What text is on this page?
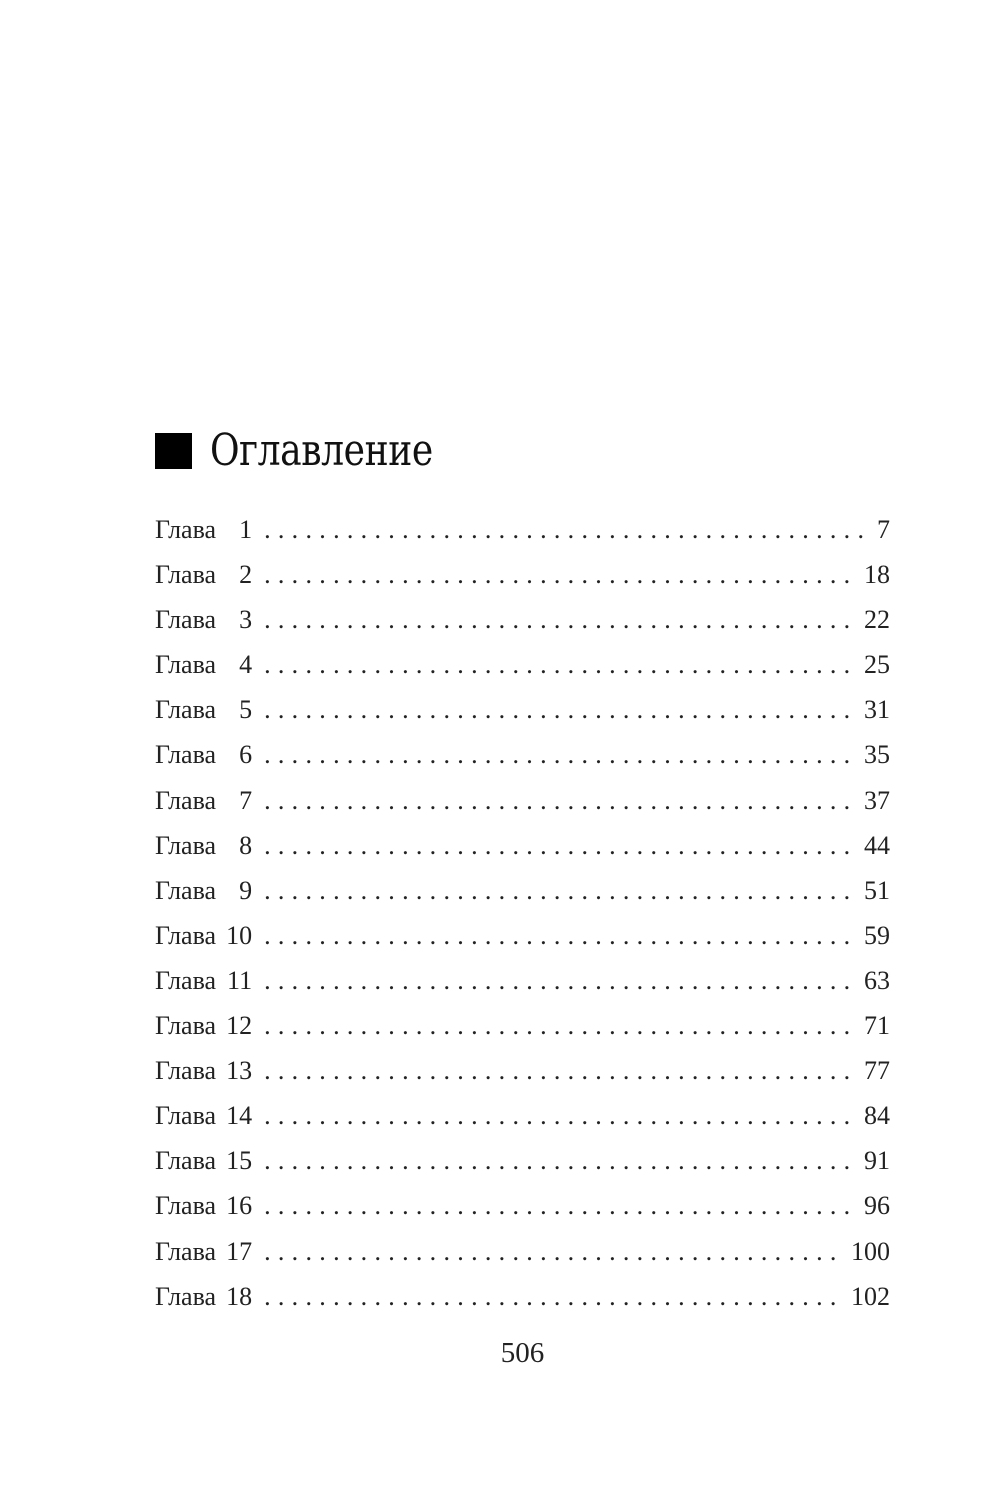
Оглавление
Глава 1 .....	7
Глава 2 .....	18
Глава 3 .....	22
Глава 4 .....	25
Глава 5 .....	31
Глава 6 .....	35
Глава 7 .....	37
Глава 8 .....	44
Глава 9 .....	51
Глава 10 .....	59
Глава 11 .....	63
Глава 12 .....	71
Глава 13 .....	77
Глава 14 .....	84
Глава 15 .....	91
Глава 16 .....	96
Глава 17 .....	100
Глава 18 .....	102
506
